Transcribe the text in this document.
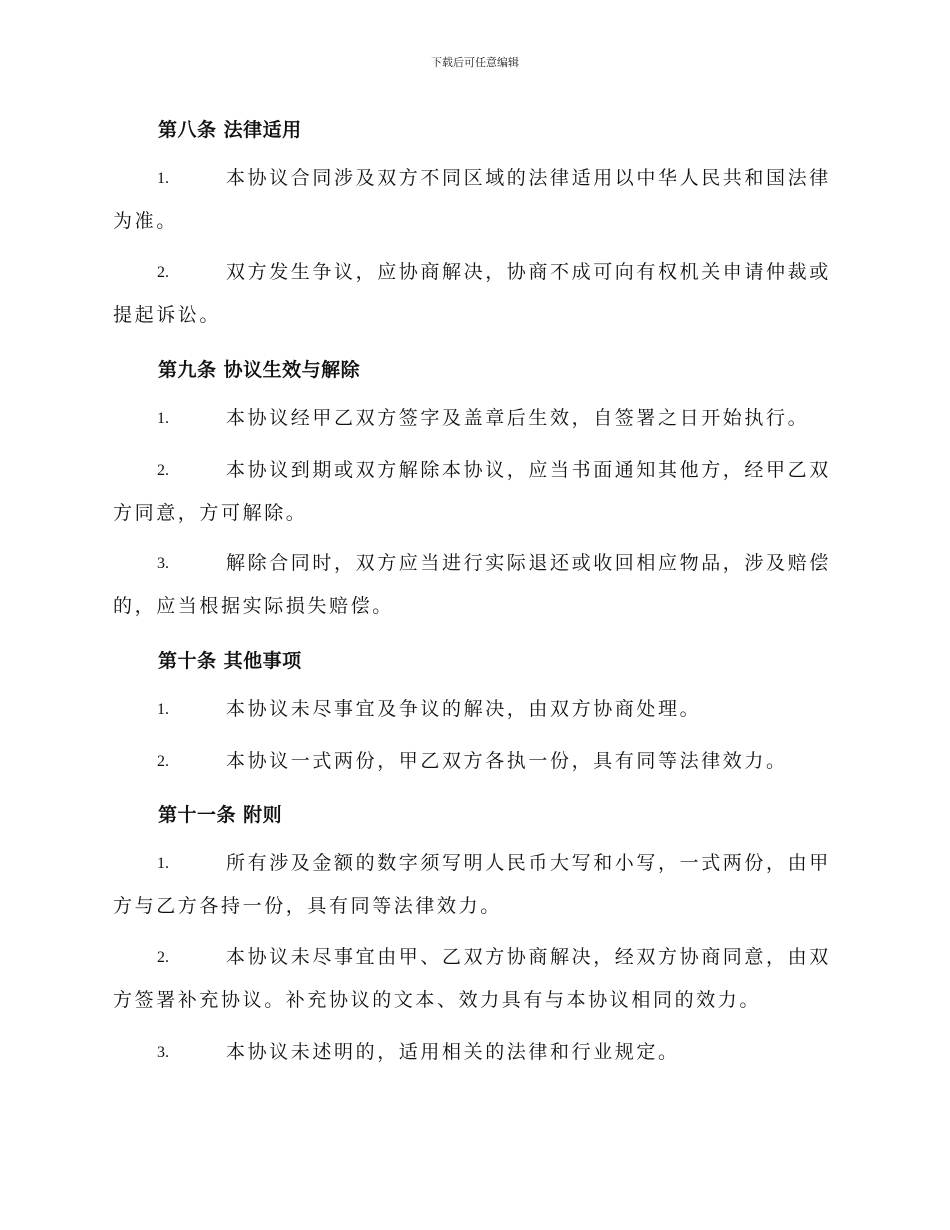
下载后可任意编辑
第八条 法律适用
1.	本协议合同涉及双方不同区域的法律适用以中华人民共和国法律为准。
2.	双方发生争议，应协商解决，协商不成可向有权机关申请仲裁或提起诉讼。
第九条 协议生效与解除
1.	本协议经甲乙双方签字及盖章后生效，自签署之日开始执行。
2.	本协议到期或双方解除本协议，应当书面通知其他方，经甲乙双方同意，方可解除。
3.	解除合同时，双方应当进行实际退还或收回相应物品，涉及赔偿的，应当根据实际损失赔偿。
第十条 其他事项
1.	本协议未尽事宜及争议的解决，由双方协商处理。
2.	本协议一式两份，甲乙双方各执一份，具有同等法律效力。
第十一条 附则
1.	所有涉及金额的数字须写明人民币大写和小写，一式两份，由甲方与乙方各持一份，具有同等法律效力。
2.	本协议未尽事宜由甲、乙双方协商解决，经双方协商同意，由双方签署补充协议。补充协议的文本、效力具有与本协议相同的效力。
3.	本协议未述明的，适用相关的法律和行业规定。
